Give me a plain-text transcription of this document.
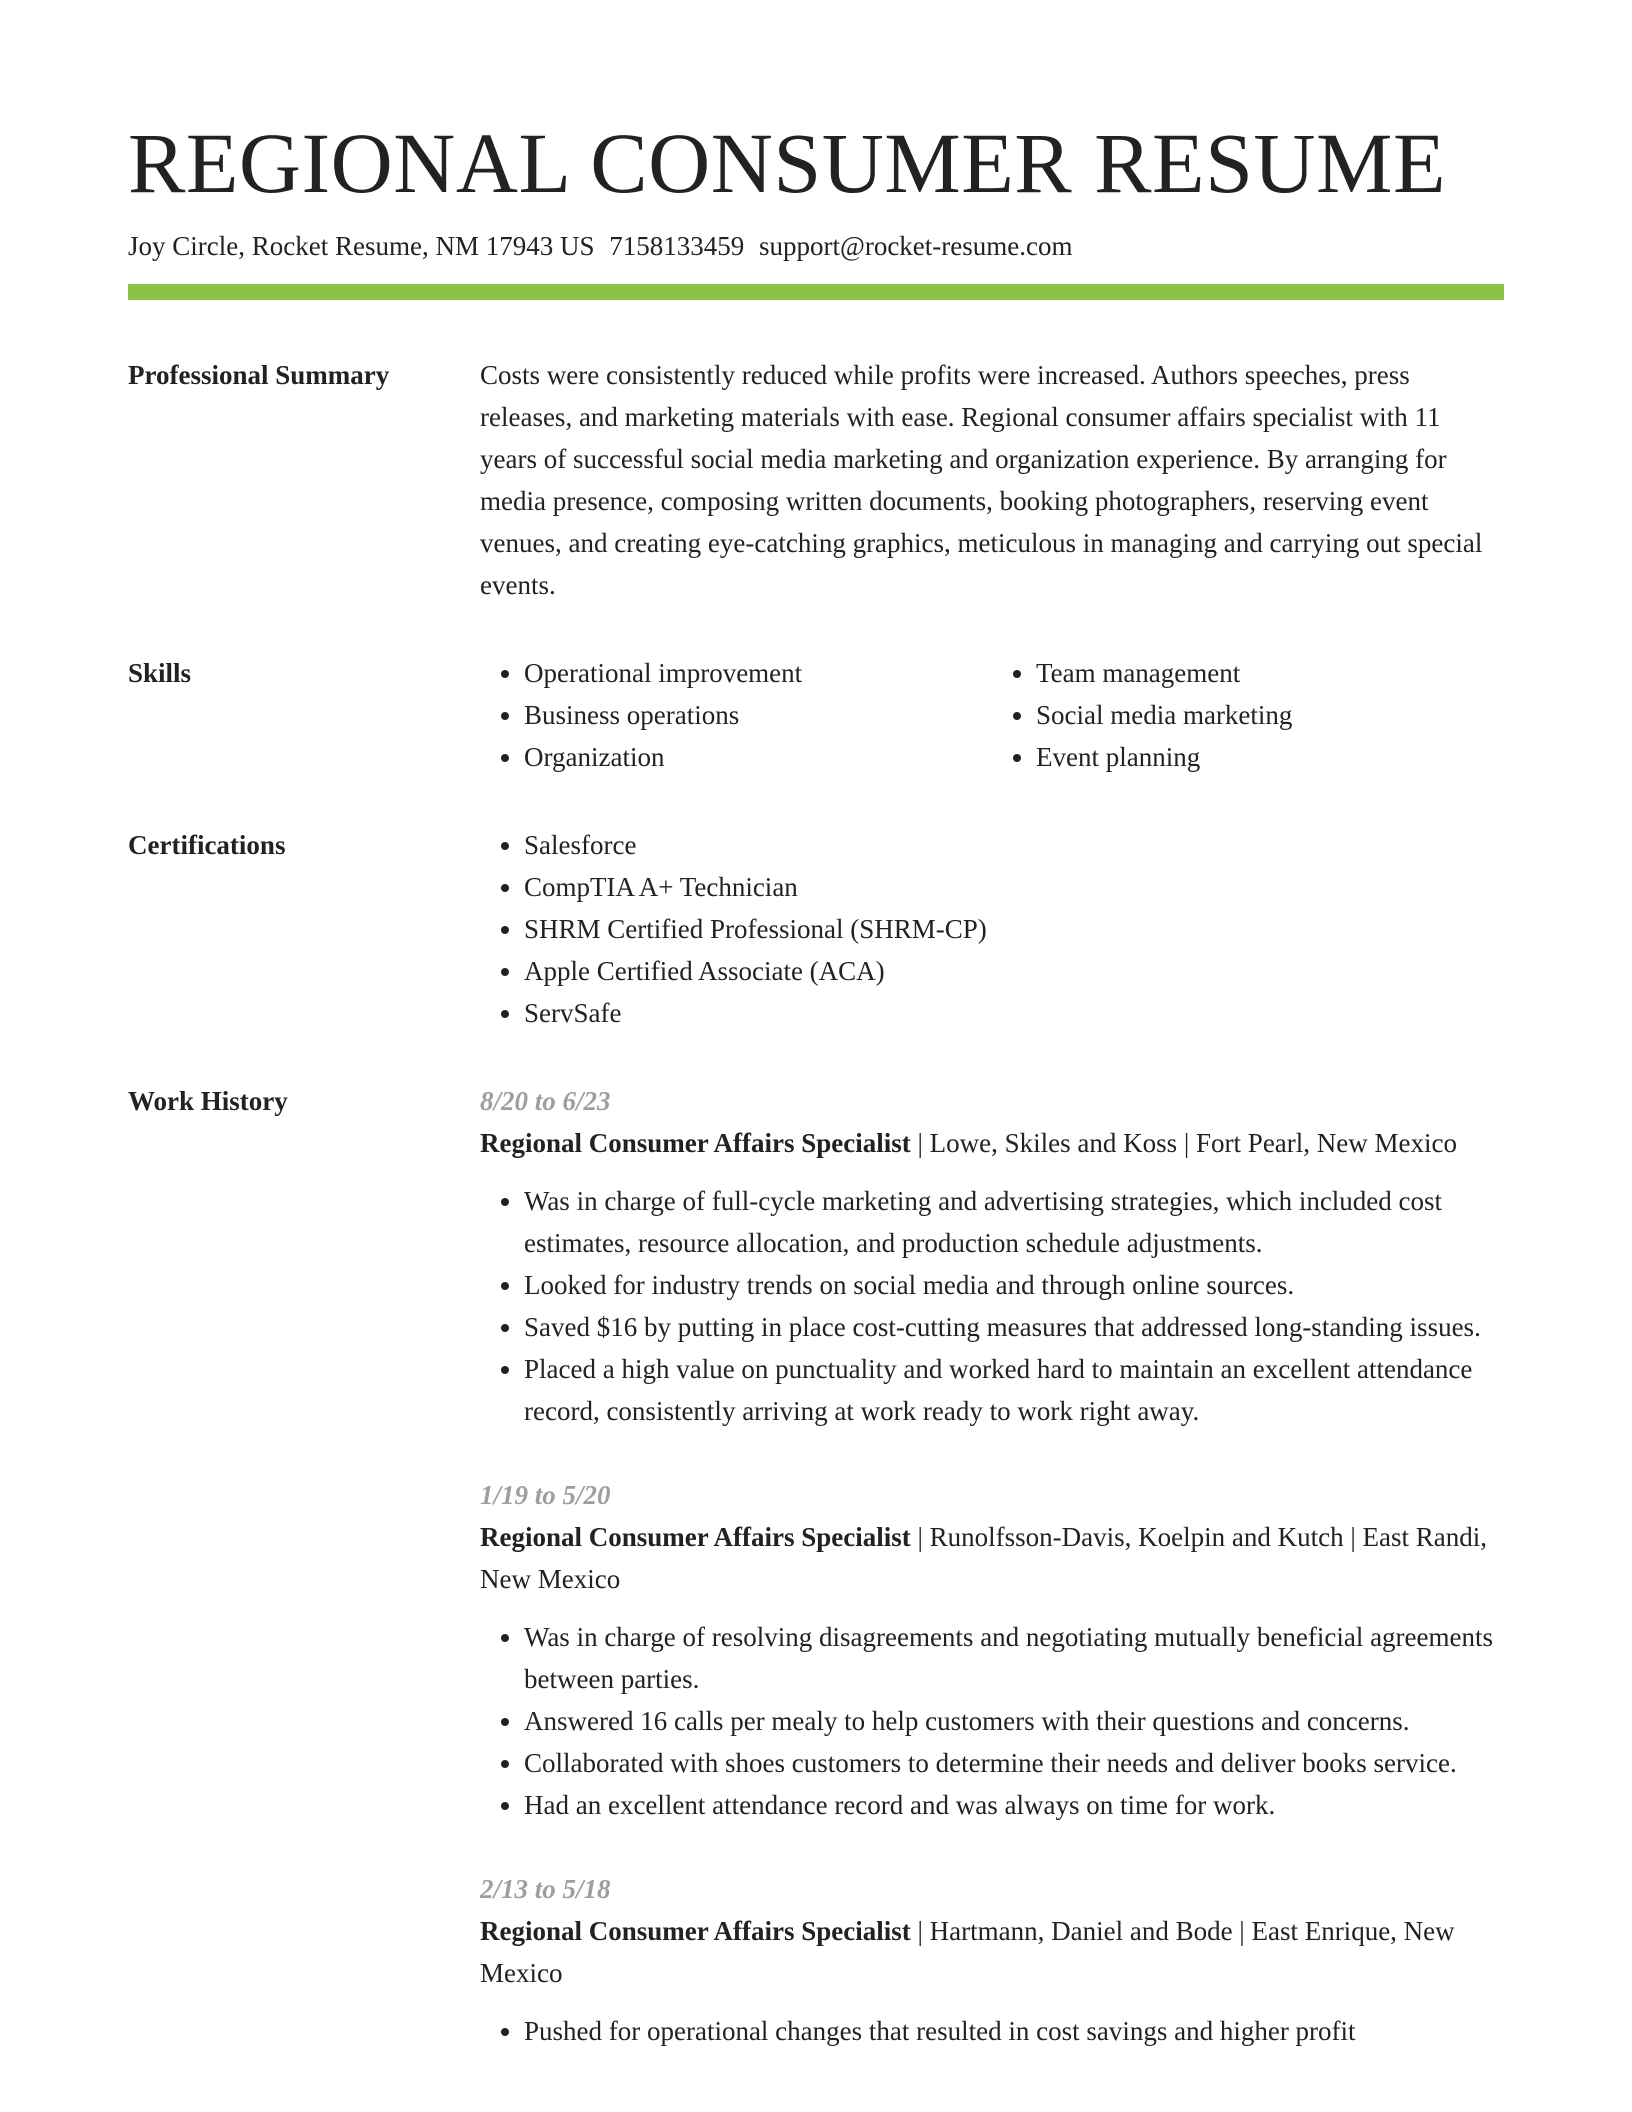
REGIONAL CONSUMER RESUME
Joy Circle, Rocket Resume, NM 17943 US 7158133459 support@rocket-resume.com
Professional Summary	Costs were consistently reduced while profits were increased. Authors speeches, press releases, and marketing materials with ease. Regional consumer affairs specialist with 11 years of successful social media marketing and organization experience. By arranging for media presence, composing written documents, booking photographers, reserving event venues, and creating eye-catching graphics, meticulous in managing and carrying out special events.

Skills	• Operational improvement
• Business operations
• Organization
• Team management
• Social media marketing
• Event planning
Certifications	• Salesforce
• CompTIA A+ Technician
• SHRM Certified Professional (SHRM-CP)
• Apple Certified Associate (ACA)
• ServSafe
Work History	8/20 to 6/23
Regional Consumer Affairs Specialist | Lowe, Skiles and Koss | Fort Pearl, New Mexico
• Was in charge of full-cycle marketing and advertising strategies, which included cost estimates, resource allocation, and production schedule adjustments.
• Looked for industry trends on social media and through online sources.
• Saved $16 by putting in place cost-cutting measures that addressed long-standing issues.
• Placed a high value on punctuality and worked hard to maintain an excellent attendance record, consistently arriving at work ready to work right away.
1/19 to 5/20
Regional Consumer Affairs Specialist | Runolfsson-Davis, Koelpin and Kutch | East Randi, New Mexico
• Was in charge of resolving disagreements and negotiating mutually beneficial agreements between parties.
• Answered 16 calls per mealy to help customers with their questions and concerns.
• Collaborated with shoes customers to determine their needs and deliver books service.
• Had an excellent attendance record and was always on time for work.
2/13 to 5/18
Regional Consumer Affairs Specialist | Hartmann, Daniel and Bode | East Enrique, New Mexico
• Pushed for operational changes that resulted in cost savings and higher profit
